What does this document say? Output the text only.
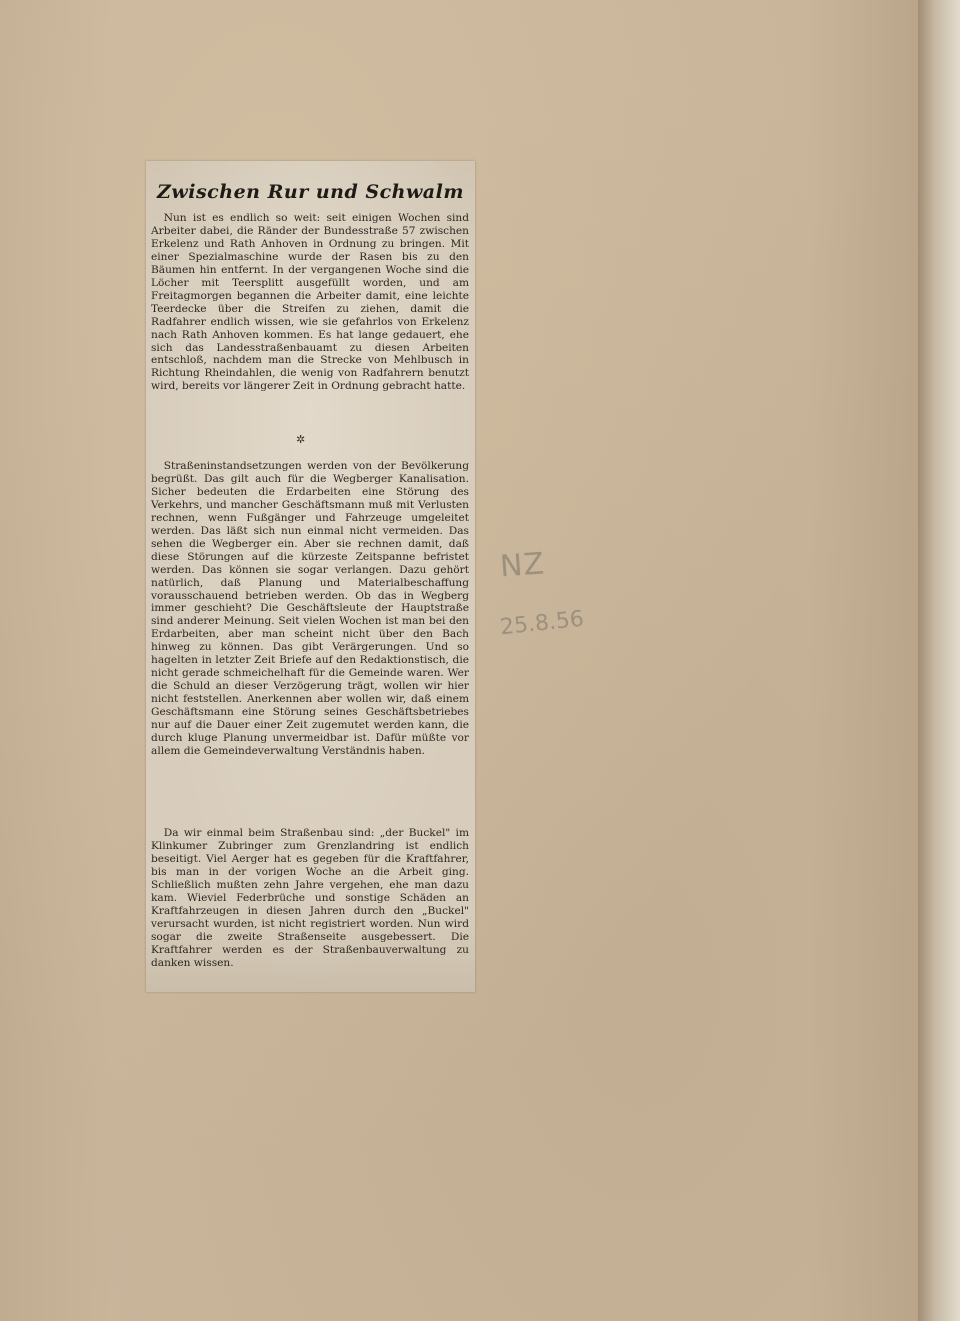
Zwischen Rur und Schwalm

Nun ist es endlich so weit: seit einigen Wochen sind Arbeiter dabei, die Ränder der Bundesstraße 57 zwischen Erkelenz und Rath Anhoven in Ordnung zu bringen. Mit einer Spezialmaschine wurde der Rasen bis zu den Bäumen hin entfernt. In der vergangenen Woche sind die Löcher mit Teersplitt ausgefüllt worden, und am Freitagmorgen begannen die Arbeiter damit, eine leichte Teerdecke über die Streifen zu ziehen, damit die Radfahrer endlich wissen, wie sie gefahrlos von Erkelenz nach Rath Anhoven kommen. Es hat lange gedauert, ehe sich das Landesstraßenbauamt zu diesen Arbeiten entschloß, nachdem man die Strecke von Mehlbusch in Richtung Rheindahlen, die wenig von Radfahrern benutzt wird, bereits vor längerer Zeit in Ordnung gebracht hatte.

✲

Straßeninstandsetzungen werden von der Bevölkerung begrüßt. Das gilt auch für die Wegberger Kanalisation. Sicher bedeuten die Erdarbeiten eine Störung des Verkehrs, und mancher Geschäftsmann muß mit Verlusten rechnen, wenn Fußgänger und Fahrzeuge umgeleitet werden. Das läßt sich nun einmal nicht vermeiden. Das sehen die Wegberger ein. Aber sie rechnen damit, daß diese Störungen auf die kürzeste Zeitspanne befristet werden. Das können sie sogar verlangen. Dazu gehört natürlich, daß Planung und Materialbeschaffung vorausschauend betrieben werden. Ob das in Wegberg immer geschieht? Die Geschäftsleute der Hauptstraße sind anderer Meinung. Seit vielen Wochen ist man bei den Erdarbeiten, aber man scheint nicht über den Bach hinweg zu können. Das gibt Verärgerungen. Und so hagelten in letzter Zeit Briefe auf den Redaktionstisch, die nicht gerade schmeichelhaft für die Gemeinde waren. Wer die Schuld an dieser Verzögerung trägt, wollen wir hier nicht feststellen. Anerkennen aber wollen wir, daß einem Geschäftsmann eine Störung seines Geschäftsbetriebes nur auf die Dauer einer Zeit zugemutet werden kann, die durch kluge Planung unvermeidbar ist. Dafür müßte vor allem die Gemeindeverwaltung Verständnis haben.

Da wir einmal beim Straßenbau sind: „der Buckel" im Klinkumer Zubringer zum Grenzlandring ist endlich beseitigt. Viel Aerger hat es gegeben für die Kraftfahrer, bis man in der vorigen Woche an die Arbeit ging. Schließlich mußten zehn Jahre vergehen, ehe man dazu kam. Wieviel Federbrüche und sonstige Schäden an Kraftfahrzeugen in diesen Jahren durch den „Buckel" verursacht wurden, ist nicht registriert worden. Nun wird sogar die zweite Straßenseite ausgebessert. Die Kraftfahrer werden es der Straßenbauverwaltung zu danken wissen.

NZ
25.8.56
